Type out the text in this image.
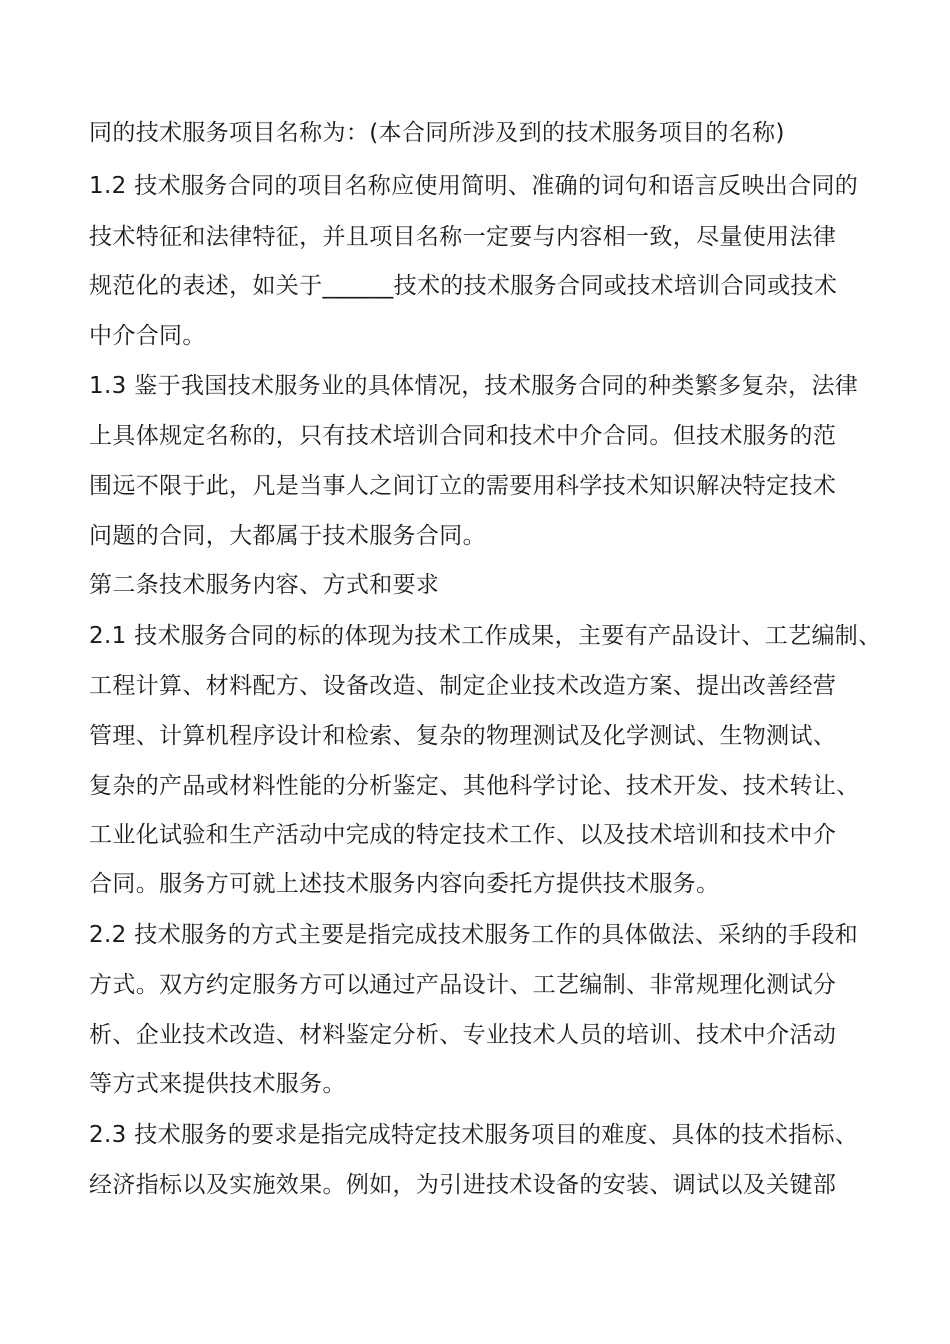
同的技术服务项目名称为：(本合同所涉及到的技术服务项目的名称)
1.2 技术服务合同的项目名称应使用简明、准确的词句和语言反映出合同的
技术特征和法律特征，并且项目名称一定要与内容相一致，尽量使用法律
规范化的表述，如关于______技术的技术服务合同或技术培训合同或技术
中介合同。
1.3 鉴于我国技术服务业的具体情况，技术服务合同的种类繁多复杂，法律
上具体规定名称的，只有技术培训合同和技术中介合同。但技术服务的范
围远不限于此，凡是当事人之间订立的需要用科学技术知识解决特定技术
问题的合同，大都属于技术服务合同。
第二条技术服务内容、方式和要求
2.1 技术服务合同的标的体现为技术工作成果，主要有产品设计、工艺编制、
工程计算、材料配方、设备改造、制定企业技术改造方案、提出改善经营
管理、计算机程序设计和检索、复杂的物理测试及化学测试、生物测试、
复杂的产品或材料性能的分析鉴定、其他科学讨论、技术开发、技术转让、
工业化试验和生产活动中完成的特定技术工作、以及技术培训和技术中介
合同。服务方可就上述技术服务内容向委托方提供技术服务。
2.2 技术服务的方式主要是指完成技术服务工作的具体做法、采纳的手段和
方式。双方约定服务方可以通过产品设计、工艺编制、非常规理化测试分
析、企业技术改造、材料鉴定分析、专业技术人员的培训、技术中介活动
等方式来提供技术服务。
2.3 技术服务的要求是指完成特定技术服务项目的难度、具体的技术指标、
经济指标以及实施效果。例如，为引进技术设备的安装、调试以及关键部
